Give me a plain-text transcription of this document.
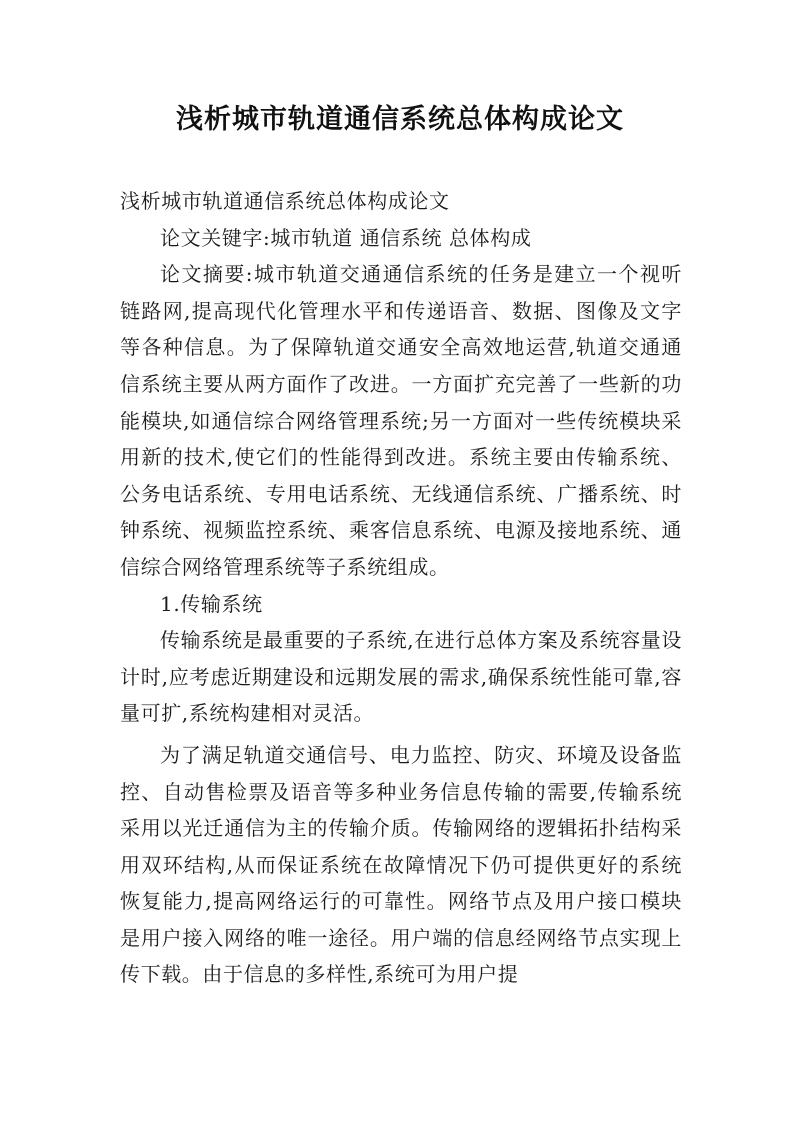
浅析城市轨道通信系统总体构成论文

浅析城市轨道通信系统总体构成论文

论文关键字:城市轨道 通信系统 总体构成

论文摘要:城市轨道交通通信系统的任务是建立一个视听链路网,提高现代化管理水平和传递语音、数据、图像及文字等各种信息。为了保障轨道交通安全高效地运营,轨道交通通信系统主要从两方面作了改进。一方面扩充完善了一些新的功能模块,如通信综合网络管理系统;另一方面对一些传统模块采用新的技术,使它们的性能得到改进。系统主要由传输系统、公务电话系统、专用电话系统、无线通信系统、广播系统、时钟系统、视频监控系统、乘客信息系统、电源及接地系统、通信综合网络管理系统等子系统组成。

1.传输系统

传输系统是最重要的子系统,在进行总体方案及系统容量设计时,应考虑近期建设和远期发展的需求,确保系统性能可靠,容量可扩,系统构建相对灵活。

为了满足轨道交通信号、电力监控、防灾、环境及设备监控、自动售检票及语音等多种业务信息传输的需要,传输系统采用以光迁通信为主的传输介质。传输网络的逻辑拓扑结构采用双环结构,从而保证系统在故障情况下仍可提供更好的系统恢复能力,提高网络运行的可靠性。网络节点及用户接口模块是用户接入网络的唯一途径。用户端的信息经网络节点实现上传下载。由于信息的多样性,系统可为用户提
